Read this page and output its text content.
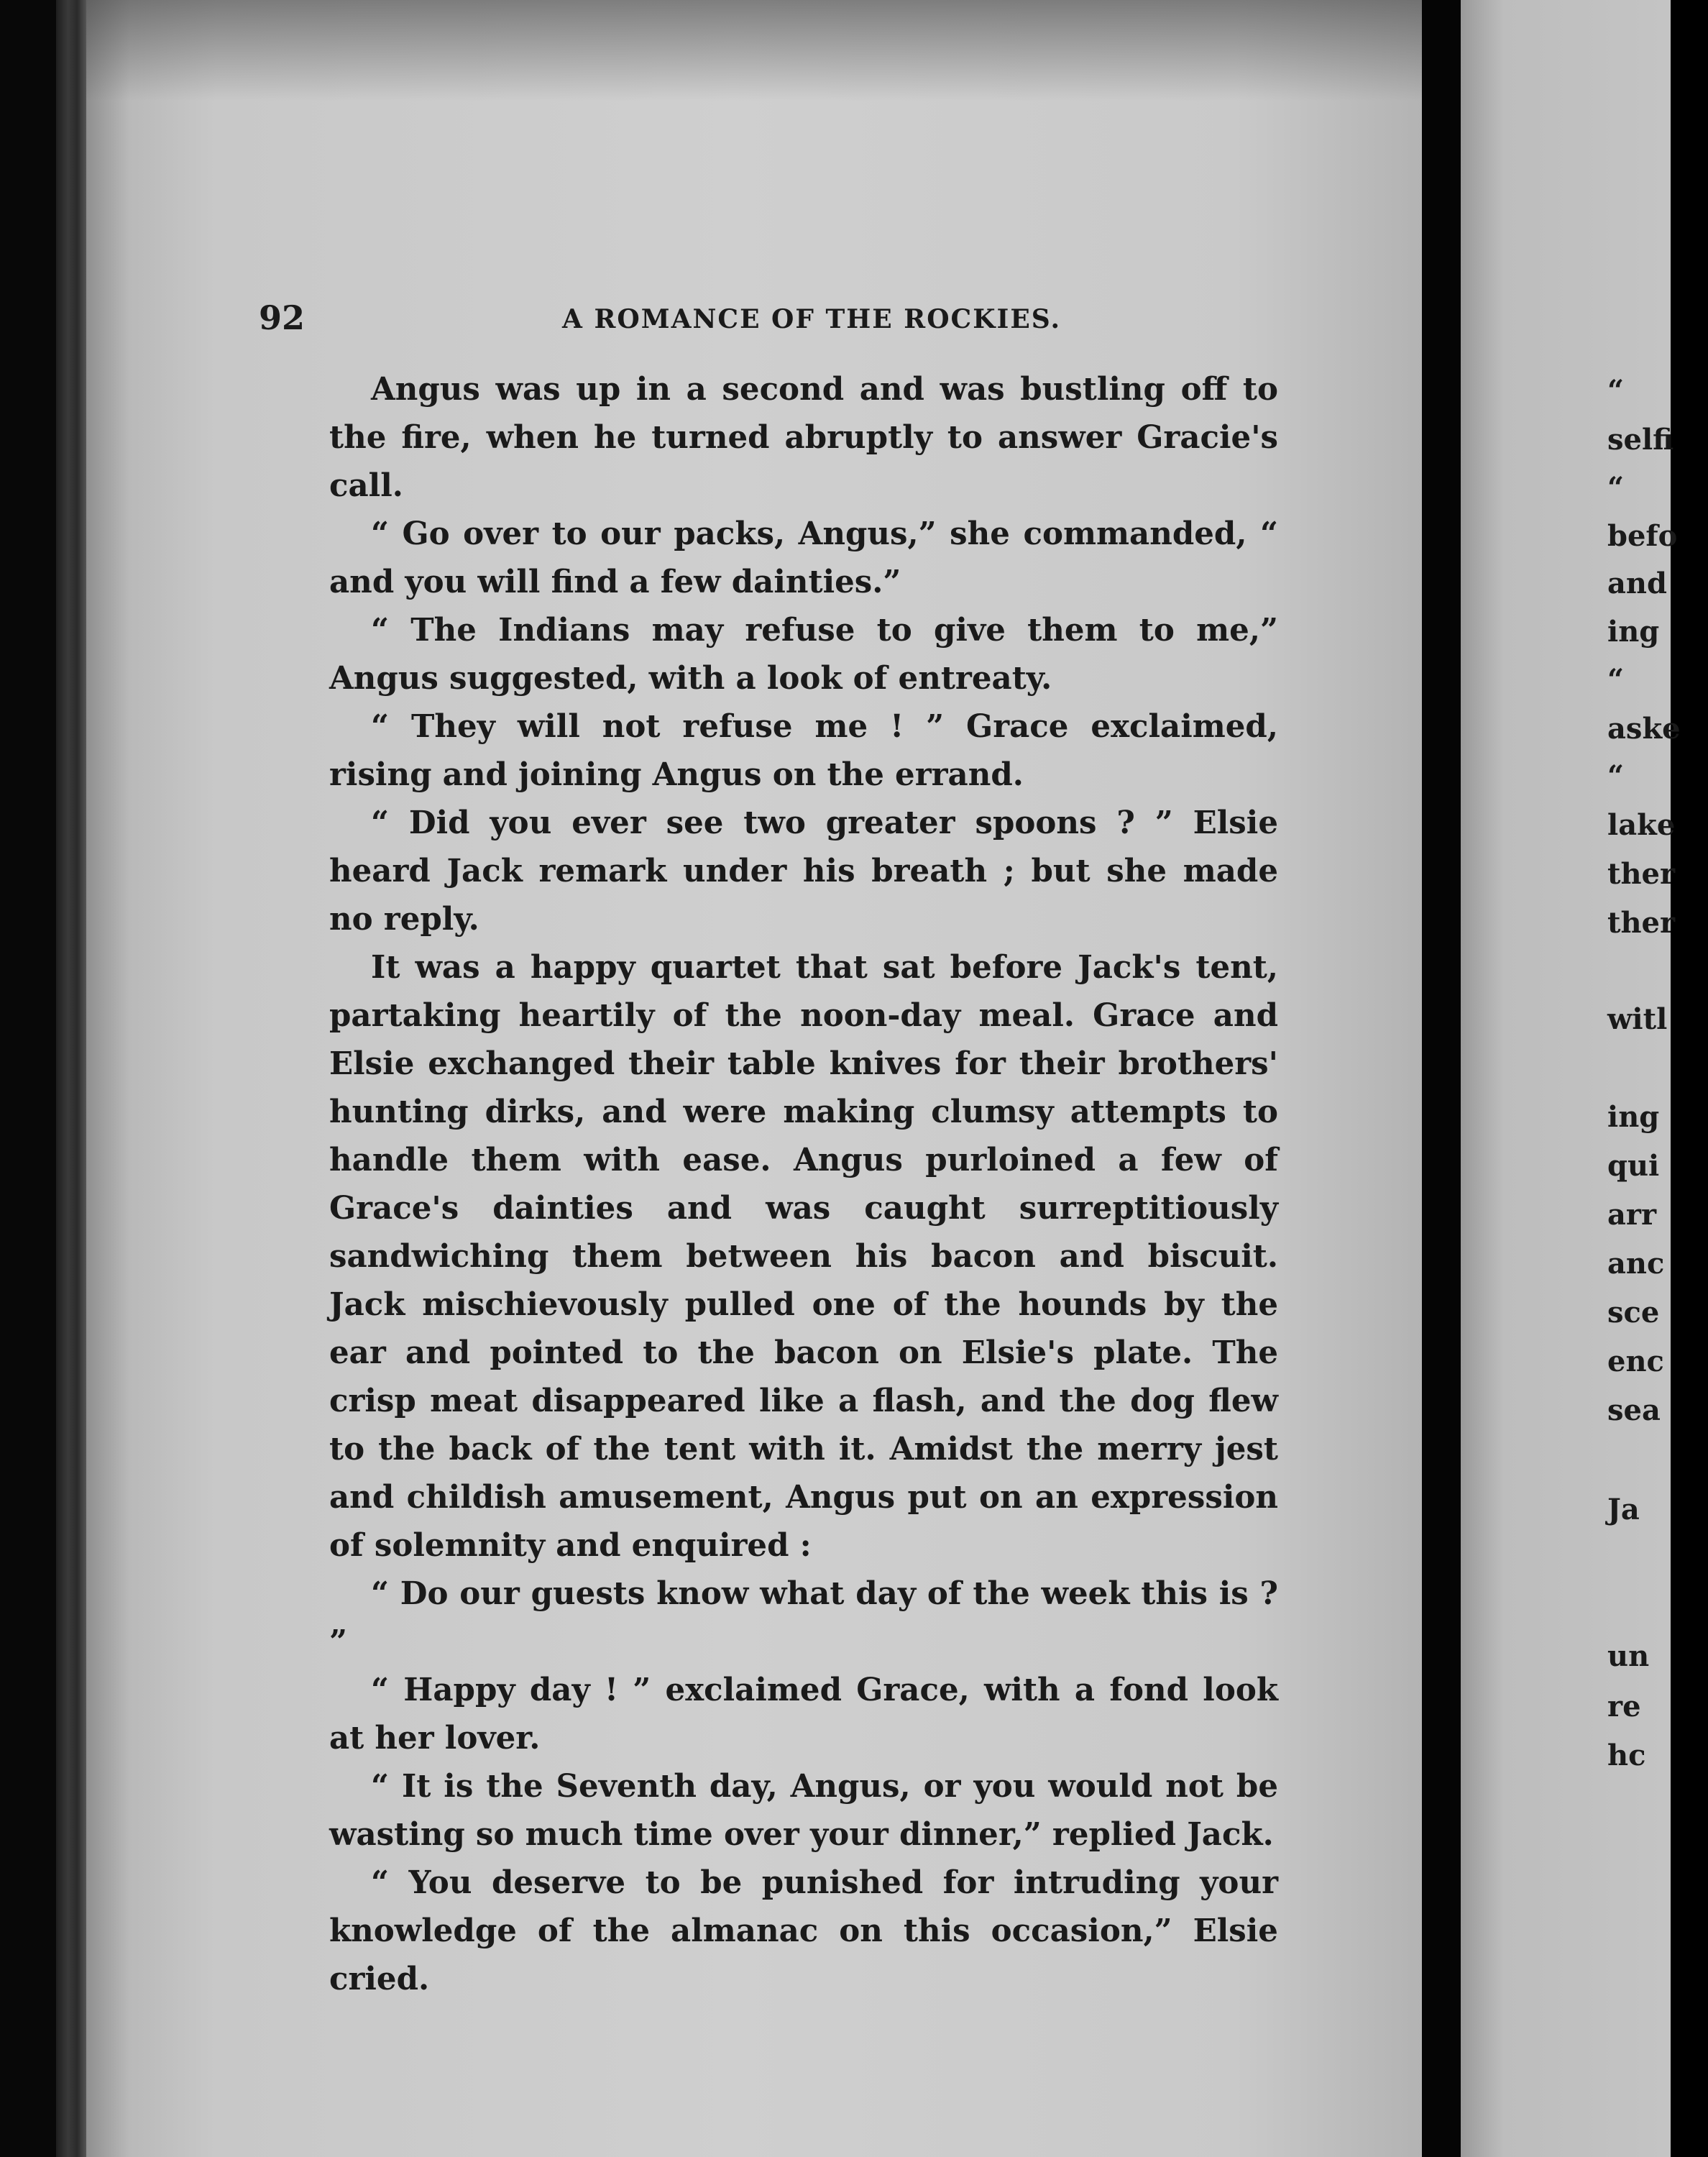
92	A ROMANCE OF THE ROCKIES.

Angus was up in a second and was bustling off to the fire, when he turned abruptly to answer Gracie's call.

“ Go over to our packs, Angus,” she commanded, “ and you will find a few dainties.”

“ The Indians may refuse to give them to me,” Angus suggested, with a look of entreaty.

“ They will not refuse me ! ” Grace exclaimed, rising and joining Angus on the errand.

“ Did you ever see two greater spoons ? ” Elsie heard Jack remark under his breath ; but she made no reply.

It was a happy quartet that sat before Jack's tent, partaking heartily of the noon-day meal. Grace and Elsie exchanged their table knives for their brothers' hunting dirks, and were making clumsy attempts to handle them with ease. Angus purloined a few of Grace's dainties and was caught surreptitiously sandwiching them between his bacon and biscuit. Jack mischievously pulled one of the hounds by the ear and pointed to the bacon on Elsie's plate. The crisp meat disappeared like a flash, and the dog flew to the back of the tent with it. Amidst the merry jest and childish amusement, Angus put on an expression of solemnity and enquired :

“ Do our guests know what day of the week this is ? ”

“ Happy day ! ” exclaimed Grace, with a fond look at her lover.

“ It is the Seventh day, Angus, or you would not be wasting so much time over your dinner,” replied Jack.

“ You deserve to be punished for intruding your knowledge of the almanac on this occasion,” Elsie cried.

“
selfi
“
befo
and
ing
“
aske
“
lake
ther
ther
witl
ing
qui
arr
anc
sce
enc
sea
Ja
un
re
hc
